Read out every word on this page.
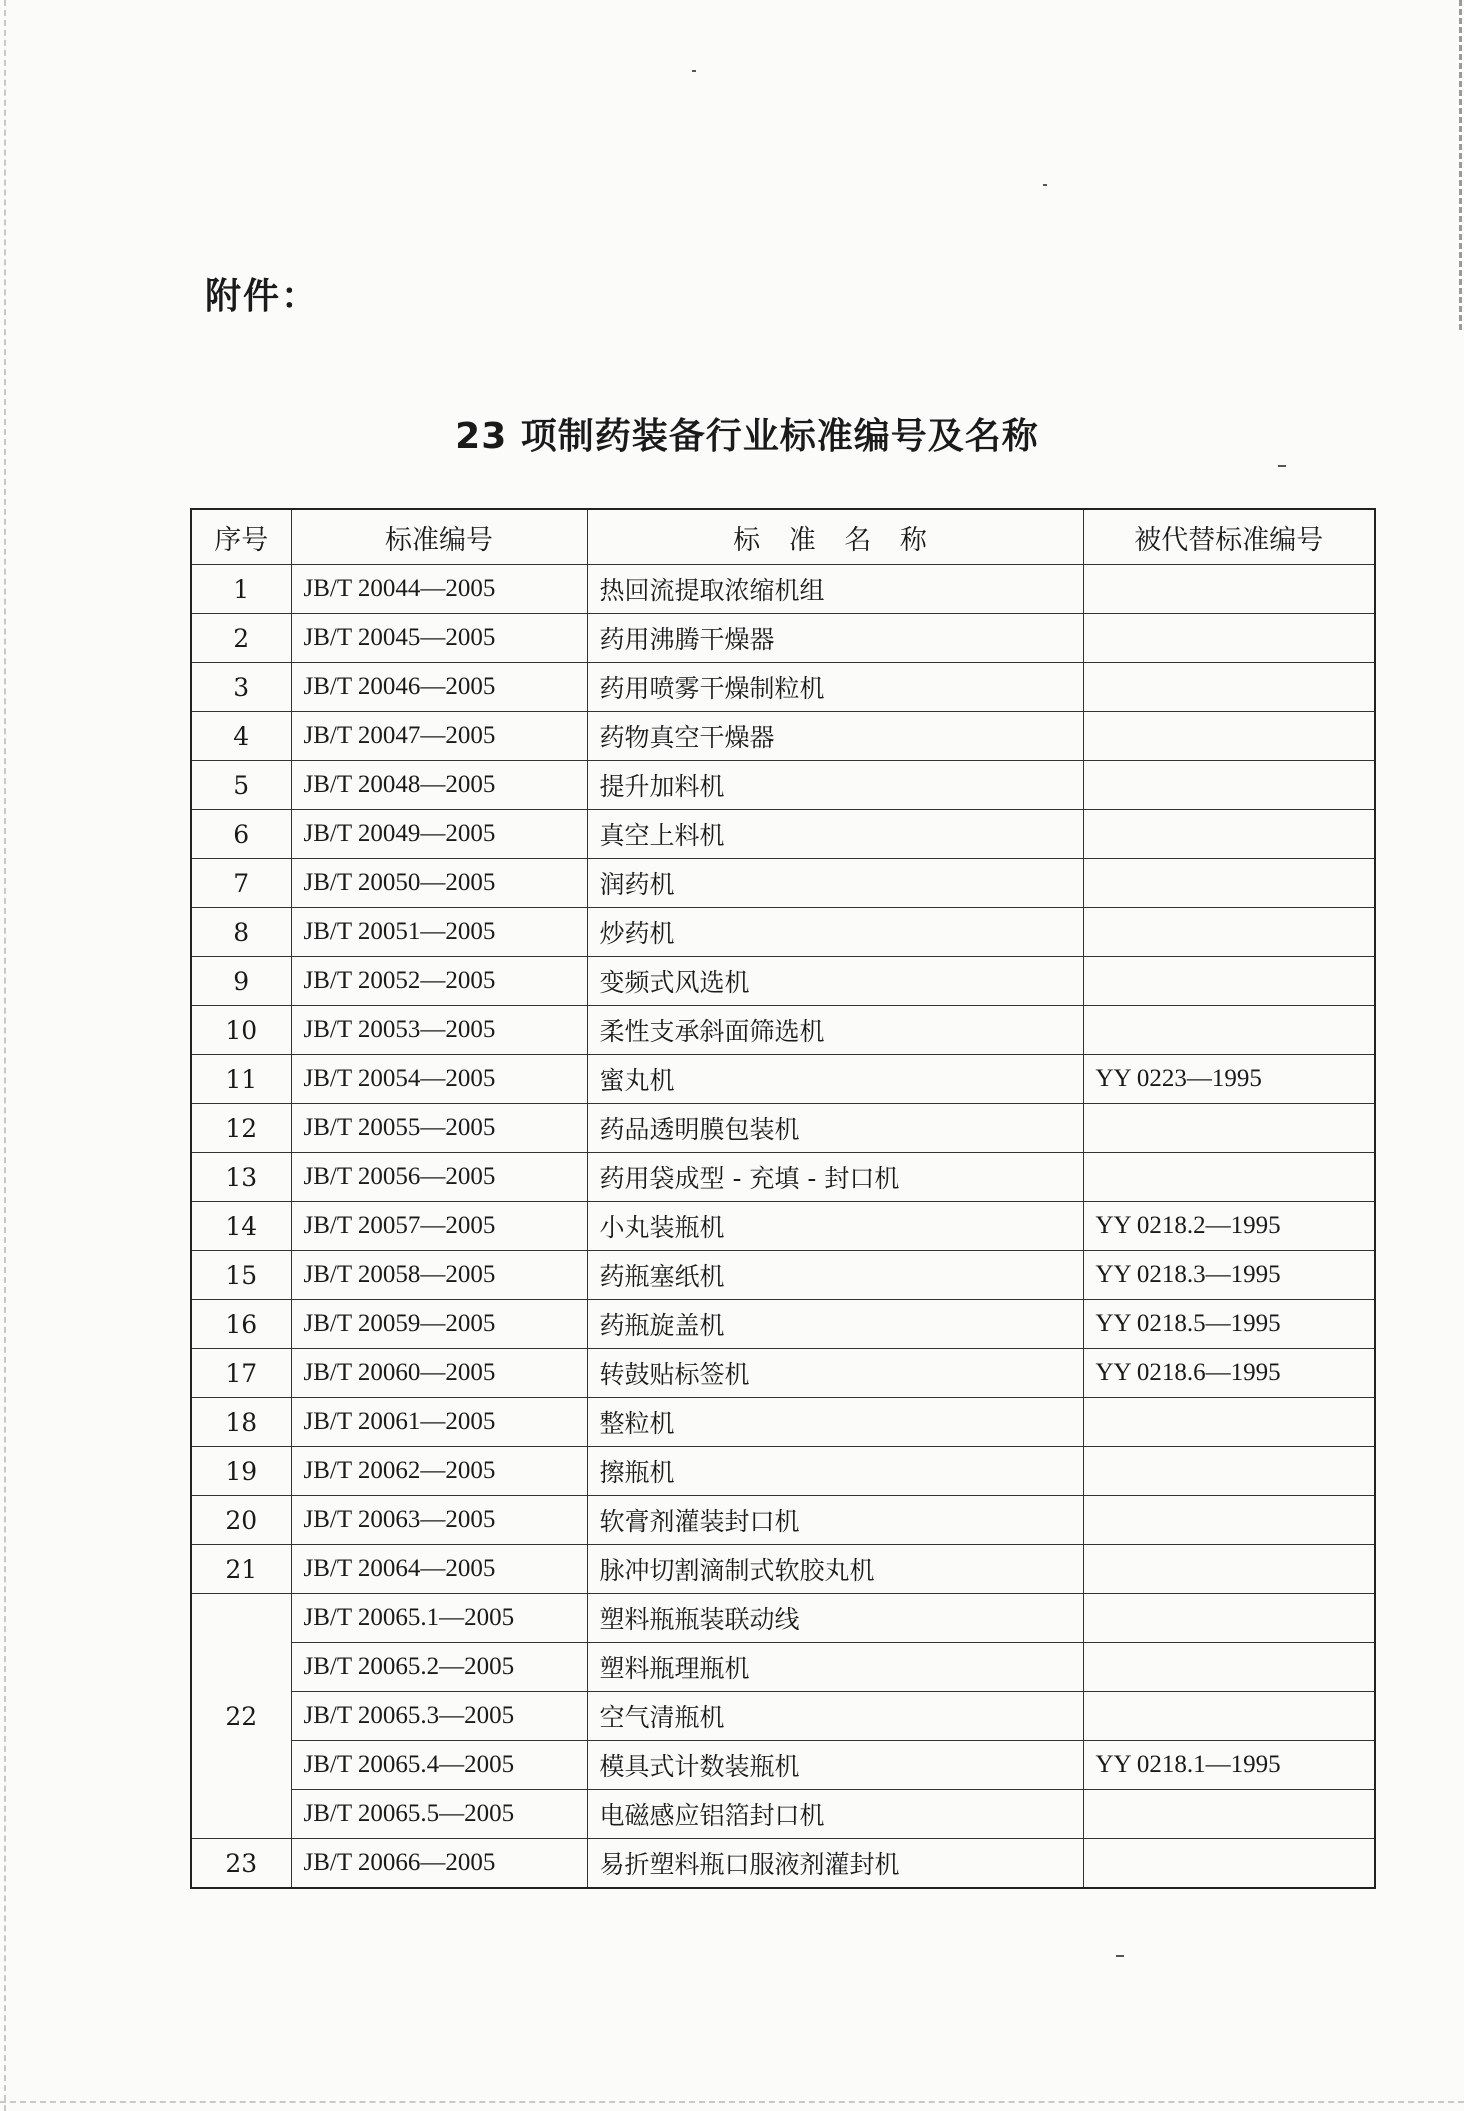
附件：
23 项制药装备行业标准编号及名称
序号	标准编号	标 准 名 称	被代替标准编号
1	JB/T 20044—2005	热回流提取浓缩机组	
2	JB/T 20045—2005	药用沸腾干燥器	
3	JB/T 20046—2005	药用喷雾干燥制粒机	
4	JB/T 20047—2005	药物真空干燥器	
5	JB/T 20048—2005	提升加料机	
6	JB/T 20049—2005	真空上料机	
7	JB/T 20050—2005	润药机	
8	JB/T 20051—2005	炒药机	
9	JB/T 20052—2005	变频式风选机	
10	JB/T 20053—2005	柔性支承斜面筛选机	
11	JB/T 20054—2005	蜜丸机	YY 0223—1995
12	JB/T 20055—2005	药品透明膜包装机	
13	JB/T 20056—2005	药用袋成型 - 充填 - 封口机	
14	JB/T 20057—2005	小丸装瓶机	YY 0218.2—1995
15	JB/T 20058—2005	药瓶塞纸机	YY 0218.3—1995
16	JB/T 20059—2005	药瓶旋盖机	YY 0218.5—1995
17	JB/T 20060—2005	转鼓贴标签机	YY 0218.6—1995
18	JB/T 20061—2005	整粒机	
19	JB/T 20062—2005	擦瓶机	
20	JB/T 20063—2005	软膏剂灌装封口机	
21	JB/T 20064—2005	脉冲切割滴制式软胶丸机	
22	JB/T 20065.1—2005	塑料瓶瓶装联动线	
	JB/T 20065.2—2005	塑料瓶理瓶机	
	JB/T 20065.3—2005	空气清瓶机	
	JB/T 20065.4—2005	模具式计数装瓶机	YY 0218.1—1995
	JB/T 20065.5—2005	电磁感应铝箔封口机	
23	JB/T 20066—2005	易折塑料瓶口服液剂灌封机	
